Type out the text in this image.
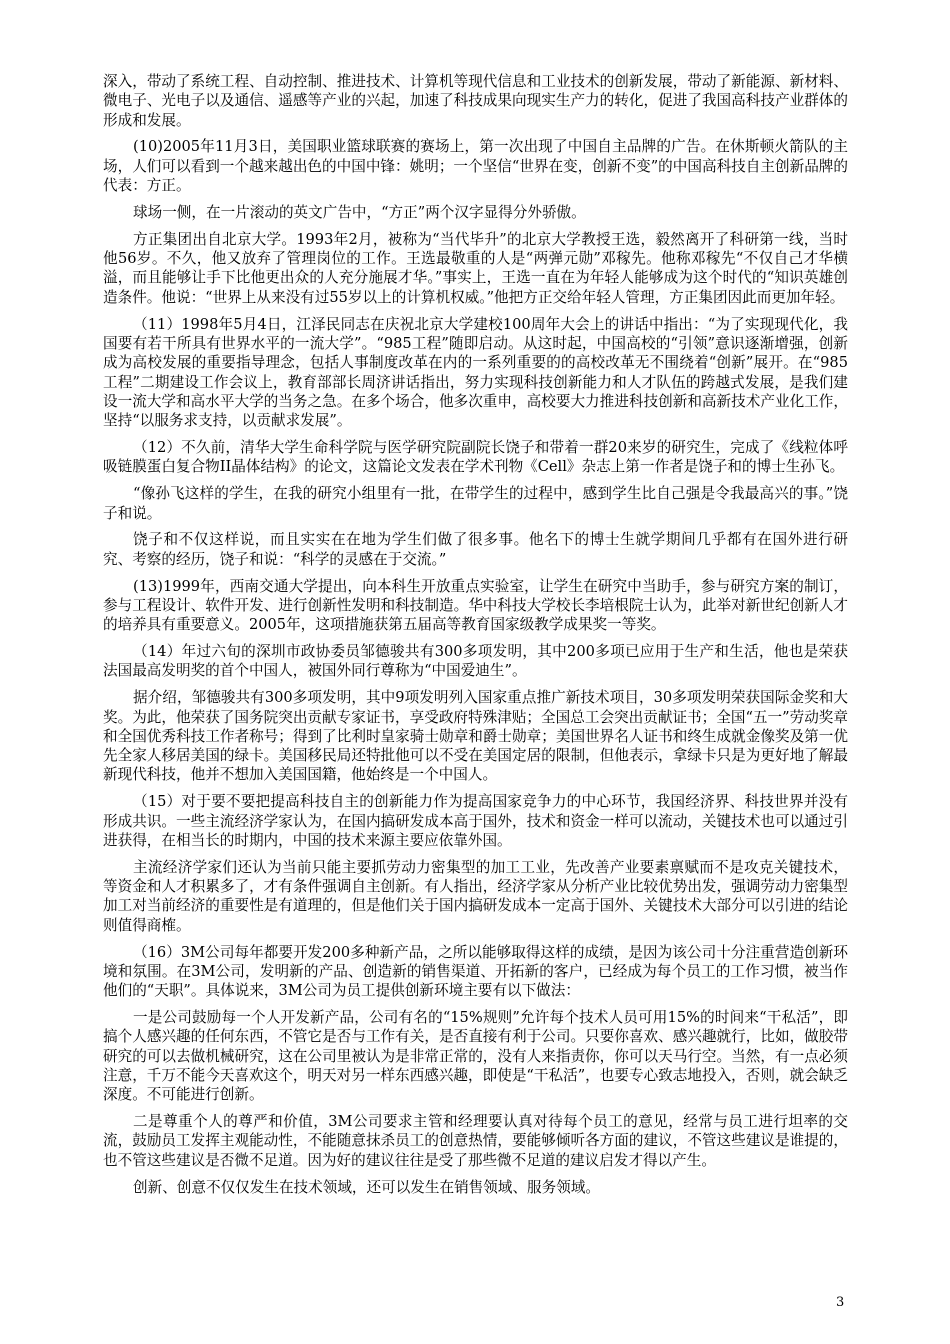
深入，带动了系统工程、自动控制、推进技术、计算机等现代信息和工业技术的创新发展，带动了新能源、新材料、微电子、光电子以及通信、遥感等产业的兴起，加速了科技成果向现实生产力的转化，促进了我国高科技产业群体的形成和发展。

(10)2005年11月3日，美国职业篮球联赛的赛场上，第一次出现了中国自主品牌的广告。在休斯顿火箭队的主场，人们可以看到一个越来越出色的中国中锋：姚明；一个坚信“世界在变，创新不变”的中国高科技自主创新品牌的代表：方正。

球场一侧，在一片滚动的英文广告中，“方正”两个汉字显得分外骄傲。

方正集团出自北京大学。1993年2月，被称为“当代毕升”的北京大学教授王选，毅然离开了科研第一线，当时他56岁。不久，他又放弃了管理岗位的工作。王选最敬重的人是“两弹元勋”邓稼先。他称邓稼先“不仅自己才华横溢，而且能够让手下比他更出众的人充分施展才华。”事实上，王选一直在为年轻人能够成为这个时代的“知识英雄创造条件。他说：“世界上从来没有过55岁以上的计算机权威。”他把方正交给年轻人管理，方正集团因此而更加年轻。

（11）1998年5月4日，江泽民同志在庆祝北京大学建校100周年大会上的讲话中指出：“为了实现现代化，我国要有若干所具有世界水平的一流大学”。“985工程”随即启动。从这时起，中国高校的“引领”意识逐渐增强，创新成为高校发展的重要指导理念，包括人事制度改革在内的一系列重要的的高校改革无不围绕着“创新”展开。在“985工程”二期建设工作会议上，教育部部长周济讲话指出，努力实现科技创新能力和人才队伍的跨越式发展，是我们建设一流大学和高水平大学的当务之急。在多个场合，他多次重申，高校要大力推进科技创新和高新技术产业化工作，坚持“以服务求支持，以贡献求发展”。

（12）不久前，清华大学生命科学院与医学研究院副院长饶子和带着一群20来岁的研究生，完成了《线粒体呼吸链膜蛋白复合物II晶体结构》的论文，这篇论文发表在学术刊物《Cell》杂志上第一作者是饶子和的博士生孙飞。

“像孙飞这样的学生，在我的研究小组里有一批，在带学生的过程中，感到学生比自己强是令我最高兴的事。”饶子和说。

饶子和不仅这样说，而且实实在在地为学生们做了很多事。他名下的博士生就学期间几乎都有在国外进行研究、考察的经历，饶子和说：“科学的灵感在于交流。”

(13)1999年，西南交通大学提出，向本科生开放重点实验室，让学生在研究中当助手，参与研究方案的制订，参与工程设计、软件开发、进行创新性发明和科技制造。华中科技大学校长李培根院士认为，此举对新世纪创新人才的培养具有重要意义。2005年，这项措施获第五届高等教育国家级教学成果奖一等奖。

（14）年过六旬的深圳市政协委员邹德骏共有300多项发明，其中200多项已应用于生产和生活，他也是荣获法国最高发明奖的首个中国人，被国外同行尊称为“中国爱迪生”。

据介绍，邹德骏共有300多项发明，其中9项发明列入国家重点推广新技术项目，30多项发明荣获国际金奖和大奖。为此，他荣获了国务院突出贡献专家证书，享受政府特殊津贴；全国总工会突出贡献证书；全国“五一”劳动奖章和全国优秀科技工作者称号；得到了比利时皇家骑士勋章和爵士勋章；美国世界名人证书和终生成就金像奖及第一优先全家人移居美国的绿卡。美国移民局还特批他可以不受在美国定居的限制，但他表示，拿绿卡只是为更好地了解最新现代科技，他并不想加入美国国籍，他始终是一个中国人。

（15）对于要不要把提高科技自主的创新能力作为提高国家竞争力的中心环节，我国经济界、科技世界并没有形成共识。一些主流经济学家认为，在国内搞研发成本高于国外，技术和资金一样可以流动，关键技术也可以通过引进获得，在相当长的时期内，中国的技术来源主要应依靠外国。

主流经济学家们还认为当前只能主要抓劳动力密集型的加工工业，先改善产业要素禀赋而不是攻克关键技术，等资金和人才积累多了，才有条件强调自主创新。有人指出，经济学家从分析产业比较优势出发，强调劳动力密集型加工对当前经济的重要性是有道理的，但是他们关于国内搞研发成本一定高于国外、关键技术大部分可以引进的结论则值得商榷。

（16）3M公司每年都要开发200多种新产品，之所以能够取得这样的成绩，是因为该公司十分注重营造创新环境和氛围。在3M公司，发明新的产品、创造新的销售渠道、开拓新的客户，已经成为每个员工的工作习惯，被当作他们的“天职”。具体说来，3M公司为员工提供创新环境主要有以下做法：

一是公司鼓励每一个人开发新产品，公司有名的“15%规则”允许每个技术人员可用15%的时间来“干私活”，即搞个人感兴趣的任何东西，不管它是否与工作有关，是否直接有利于公司。只要你喜欢、感兴趣就行，比如，做胶带研究的可以去做机械研究，这在公司里被认为是非常正常的，没有人来指责你，你可以天马行空。当然，有一点必须注意，千万不能今天喜欢这个，明天对另一样东西感兴趣，即使是“干私活”，也要专心致志地投入，否则，就会缺乏深度。不可能进行创新。

二是尊重个人的尊严和价值，3M公司要求主管和经理要认真对待每个员工的意见，经常与员工进行坦率的交流，鼓励员工发挥主观能动性，不能随意抹杀员工的创意热情，要能够倾听各方面的建议，不管这些建议是谁提的，也不管这些建议是否微不足道。因为好的建议往往是受了那些微不足道的建议启发才得以产生。

创新、创意不仅仅发生在技术领域，还可以发生在销售领域、服务领域。

3
